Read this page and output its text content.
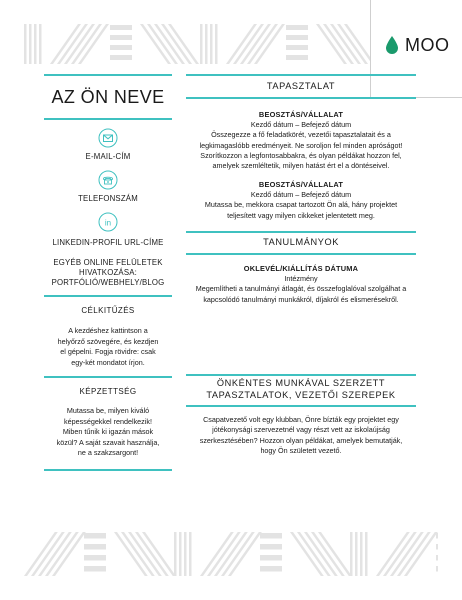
MOO
AZ ÖN NEVE
E-MAIL-CÍM
TELEFONSZÁM
in
LINKEDIN-PROFIL URL-CÍME
EGYÉB ONLINE FELÜLETEK
HIVATKOZÁSA:
PORTFÓLIÓ/WEBHELY/BLOG
CÉLKITŰZÉS
A kezdéshez kattintson a
helyőrző szövegére, és kezdjen
el gépelni. Fogja rövidre: csak
egy-két mondatot írjon.
KÉPZETTSÉG
Mutassa be, milyen kiváló
képességekkel rendelkezik!
Miben tűnik ki igazán mások
közül? A saját szavait használja,
ne a szakzsargont!
TAPASZTALAT
BEOSZTÁS/VÁLLALAT
Kezdő dátum – Befejező dátum
Összegezze a fő feladatkörét, vezetői tapasztalatait és a
legkimagaslóbb eredményeit. Ne soroljon fel minden apróságot!
Szorítkozzon a legfontosabbakra, és olyan példákat hozzon fel,
amelyek szemléltetik, milyen hatást ért el a döntéseivel.
BEOSZTÁS/VÁLLALAT
Kezdő dátum – Befejező dátum
Mutassa be, mekkora csapat tartozott Ön alá, hány projektet
teljesített vagy milyen cikkeket jelentetett meg.
TANULMÁNYOK
OKLEVÉL/KIÁLLÍTÁS DÁTUMA
Intézmény
Megemlítheti a tanulmányi átlagát, és összefoglalóval szolgálhat a
kapcsolódó tanulmányi munkákról, díjakról és elismerésekről.
ÖNKÉNTES MUNKÁVAL SZERZETT
TAPASZTALATOK, VEZETŐI SZEREPEK
Csapatvezető volt egy klubban, Önre bízták egy projektet egy
jótékonysági szervezetnél vagy részt vett az iskolaújság
szerkesztésében? Hozzon olyan példákat, amelyek bemutatják,
hogy Ön született vezető.
